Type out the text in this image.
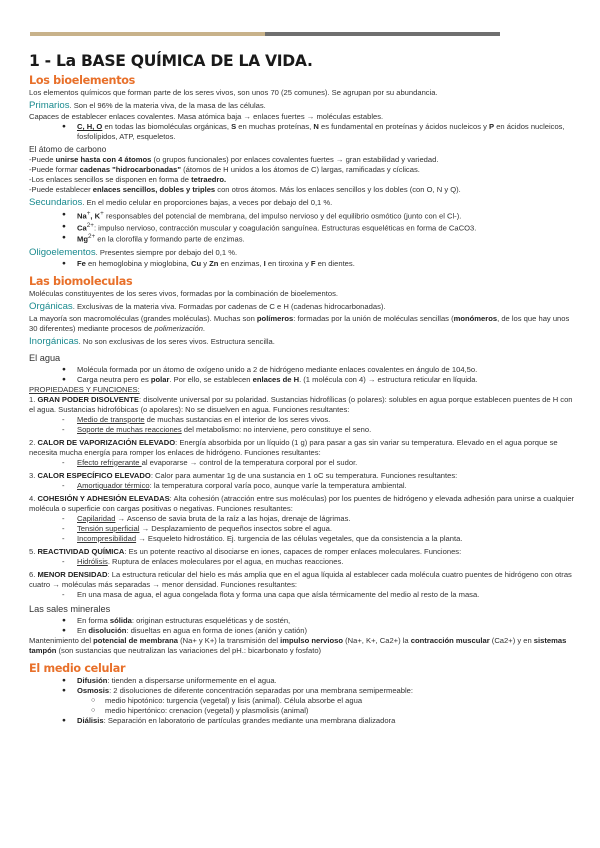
1 - La BASE QUÍMICA DE LA VIDA.
Los bioelementos

Los elementos químicos que forman parte de los seres vivos, son unos 70 (25 comunes). Se agrupan por su abundancia.

Primarios. Son el 96% de la materia viva, de la masa de las células.

Capaces de establecer enlaces covalentes. Masa atómica baja → enlaces fuertes → moléculas estables.

● C, H, O en todas las biomoléculas orgánicas, S en muchas proteínas, N es fundamental en proteínas y ácidos nucleicos y P en ácidos nucleicos, fosfolípidos, ATP, esqueletos.
El átomo de carbono

-Puede unirse hasta con 4 átomos (o grupos funcionales) por enlaces covalentes fuertes → gran estabilidad y variedad.

-Puede formar cadenas "hidrocarbonadas" (átomos de H unidos a los átomos de C) largas, ramificadas y cíclicas.

-Los enlaces sencillos se disponen en forma de tetraedro.

-Puede establecer enlaces sencillos, dobles y triples con otros átomos. Más los enlaces sencillos y los dobles (con O, N y Q).

Secundarios. En el medio celular en proporciones bajas, a veces por debajo del 0,1 %.
● Na+, K+ responsables del potencial de membrana, del impulso nervioso y del equilibrio osmótico (junto con el Cl-).
● $Ca^{2+}$: impulso nervioso, contracción muscular y coagulación sanguínea. Estructuras esqueléticas en forma de CaCO3.
● $Mg^{2+}$ en la clorofila y formando parte de enzimas.
Oligoelementos. Presentes siempre por debajo del 0,1 %.
● Fe en hemoglobina y mioglobina, Cu y Zn en enzimas, I en tiroxina y F en dientes.
Las biomoleculas

Moléculas constituyentes de los seres vivos, formadas por la combinación de bioelementos.

Orgánicas. Exclusivas de la materia viva. Formadas por cadenas de C e H (cadenas hidrocarbonadas).

La mayoría son macromoléculas (grandes moléculas). Muchas son polímeros: formadas por la unión de moléculas sencillas (monómeros, de los que hay unos 30 diferentes) mediante procesos de polimerización.

Inorgánicas. No son exclusivas de los seres vivos. Estructura sencilla.
El agua
● Molécula formada por un átomo de oxígeno unido a 2 de hidrógeno mediante enlaces covalentes en ángulo de 104,5o.
● Carga neutra pero es polar. Por ello, se establecen enlaces de H. (1 molécula con 4) → estructura reticular en líquida.

PROPIEDADES Y FUNCIONES:

1. GRAN PODER DISOLVENTE: disolvente universal por su polaridad. Sustancias hidrofílicas (o polares): solubles en agua porque establecen puentes de H con el agua. Sustancias hidrofóbicas (o apolares): No se disuelven en agua. Funciones resultantes:

- Medio de transporte de muchas sustancias en el interior de los seres vivos.
- Soporte de muchas reacciones del metabolismo: no interviene, pero constituye el seno.

2. CALOR DE VAPORIZACIÓN ELEVADO: Energía absorbida por un líquido (1 g) para pasar a gas sin variar su temperatura. Elevado en el agua porque se necesita mucha energía para romper los enlaces de hidrógeno. Funciones resultantes:

- Efecto refrigerante al evaporarse → control de la temperatura corporal por el sudor.

3. CALOR ESPECÍFICO ELEVADO: Calor para aumentar 1g de una sustancia en 1 oC su temperatura. Funciones resultantes:

- Amortiguador térmico: la temperatura corporal varía poco, aunque varíe la temperatura ambiental.

4. COHESIÓN Y ADHESIÓN ELEVADAS: Alta cohesión (atracción entre sus moléculas) por los puentes de hidrógeno y elevada adhesión para unirse a cualquier molécula o superficie con cargas positivas o negativas. Funciones resultantes:

- Capilaridad → Ascenso de savia bruta de la raíz a las hojas, drenaje de lágrimas.
- Tensión superficial → Desplazamiento de pequeños insectos sobre el agua.
- Incompresibilidad → Esqueleto hidrostático. Ej. turgencia de las células vegetales, que da consistencia a la planta.

5. REACTIVIDAD QUÍMICA: Es un potente reactivo al disociarse en iones, capaces de romper enlaces moleculares. Funciones:

- Hidrólisis. Ruptura de enlaces moleculares por el agua, en muchas reacciones.

6. MENOR DENSIDAD: La estructura reticular del hielo es más amplia que en el agua líquida al establecer cada molécula cuatro puentes de hidrógeno con otras cuatro → moléculas más separadas → menor densidad. Funciones resultantes:

- En una masa de agua, el agua congelada flota y forma una capa que aísla térmicamente del medio al resto de la masa.
Las sales minerales
● En forma sólida: originan estructuras esqueléticas y de sostén,
● En disolución: disueltas en agua en forma de iones (anión y catión)

Mantenimiento del potencial de membrana (Na+ y K+) la transmisión del impulso nervioso (Na+, K+, Ca2+) la contracción muscular (Ca2+) y en sistemas tampón (son sustancias que neutralizan las variaciones del pH.: bicarbonato y fosfato)

El medio celular
● Difusión: tienden a dispersarse uniformemente en el agua.
● Osmosis: 2 disoluciones de diferente concentración separadas por una membrana semipermeable:
○ medio hipotónico: turgencia (vegetal) y lisis (animal). Célula absorbe el agua
○ medio hipertónico: crenacion (vegetal) y plasmolisis (animal)
● Diálisis: Separación en laboratorio de partículas grandes mediante una membrana dializadora
